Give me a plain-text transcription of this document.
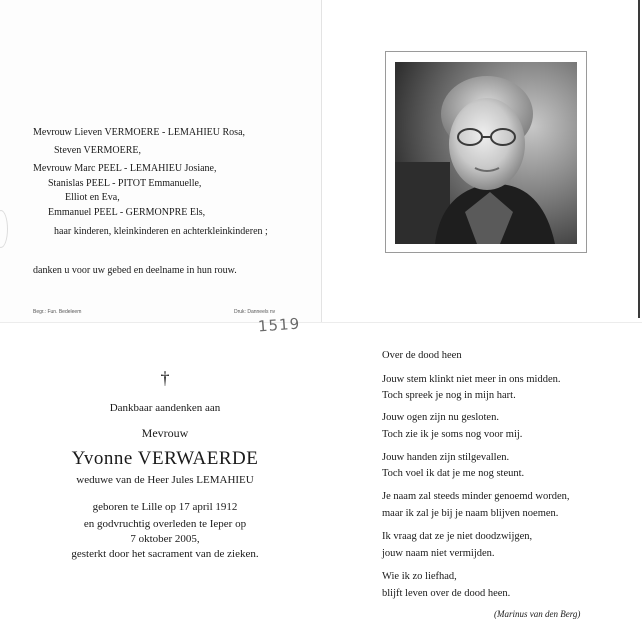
Mevrouw Lieven VERMOERE - LEMAHIEU Rosa,
Steven VERMOERE,
Mevrouw Marc PEEL - LEMAHIEU Josiane,
Stanislas PEEL - PITOT Emmanuelle,
Elliot en Eva,
Emmanuel PEEL - GERMONPRE Els,
haar kinderen, kleinkinderen en achterkleinkinderen ;
danken u voor uw gebed en deelname in hun rouw.
Begr.: Fun. Bedeleem	Druk: Danneels nv
1519
†
Dankbaar aandenken aan
Mevrouw
Yvonne VERWAERDE
weduwe van de Heer Jules LEMAHIEU
geboren te Lille op 17 april 1912
en godvruchtig overleden te Ieper op
7 oktober 2005,
gesterkt door het sacrament van de zieken.
Over de dood heen
Jouw stem klinkt niet meer in ons midden.
Toch spreek je nog in mijn hart.
Jouw ogen zijn nu gesloten.
Toch zie ik je soms nog voor mij.
Jouw handen zijn stilgevallen.
Toch voel ik dat je me nog steunt.
Je naam zal steeds minder genoemd worden,
maar ik zal je bij je naam blijven noemen.
Ik vraag dat ze je niet doodzwijgen,
jouw naam niet vermijden.
Wie ik zo liefhad,
blijft leven over de dood heen.
(Marinus van den Berg)
